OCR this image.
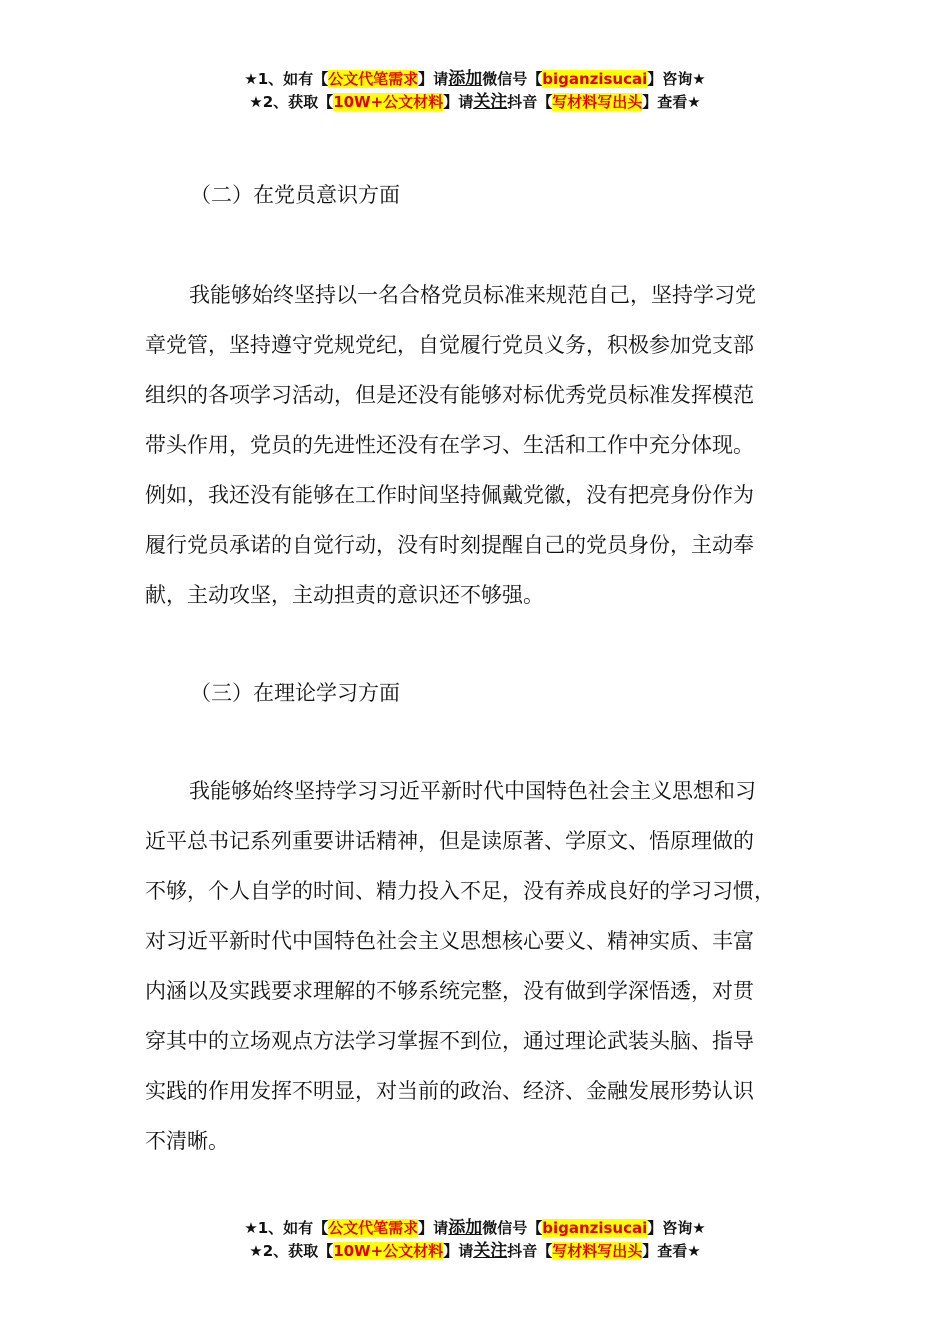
★1、如有【公文代笔需求】请添加微信号【biganzisucai】咨询★
★2、获取【10W+公文材料】请关注抖音【写材料写出头】查看★
（二）在党员意识方面
我能够始终坚持以一名合格党员标准来规范自己，坚持学习党
章党管，坚持遵守党规党纪，自觉履行党员义务，积极参加党支部
组织的各项学习活动，但是还没有能够对标优秀党员标准发挥模范
带头作用，党员的先进性还没有在学习、生活和工作中充分体现。
例如，我还没有能够在工作时间坚持佩戴党徽，没有把亮身份作为
履行党员承诺的自觉行动，没有时刻提醒自己的党员身份，主动奉
献，主动攻坚，主动担责的意识还不够强。
（三）在理论学习方面
我能够始终坚持学习习近平新时代中国特色社会主义思想和习
近平总书记系列重要讲话精神，但是读原著、学原文、悟原理做的
不够，个人自学的时间、精力投入不足，没有养成良好的学习习惯，
对习近平新时代中国特色社会主义思想核心要义、精神实质、丰富
内涵以及实践要求理解的不够系统完整，没有做到学深悟透，对贯
穿其中的立场观点方法学习掌握不到位，通过理论武装头脑、指导
实践的作用发挥不明显，对当前的政治、经济、金融发展形势认识
不清晰。
★1、如有【公文代笔需求】请添加微信号【biganzisucai】咨询★
★2、获取【10W+公文材料】请关注抖音【写材料写出头】查看★
